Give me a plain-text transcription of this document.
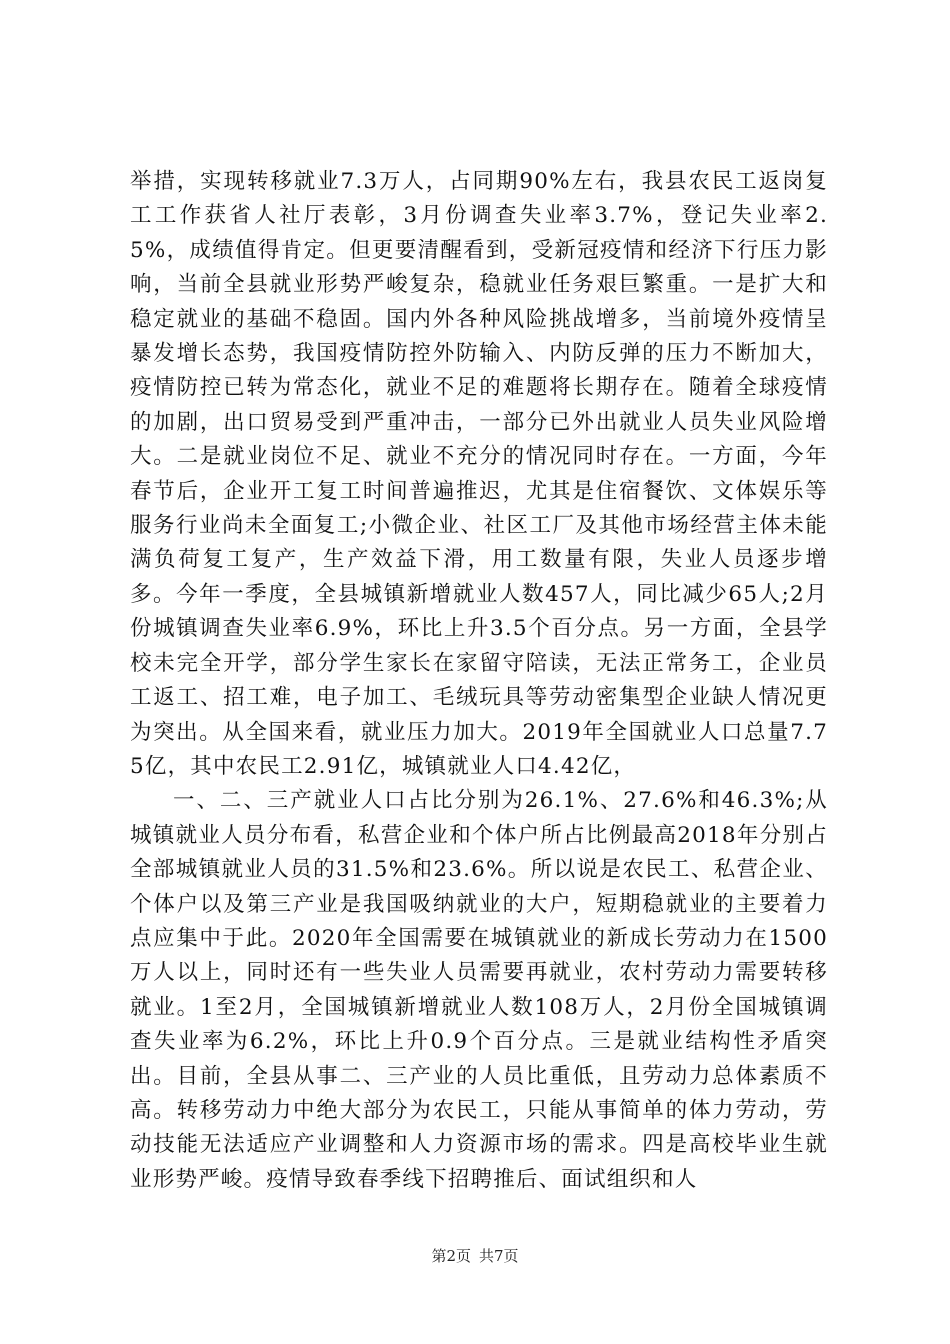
举措，实现转移就业7.3万人，占同期90%左右，我县农民工返岗复工工作获省人社厅表彰，3月份调查失业率3.7%，登记失业率2.5%，成绩值得肯定。但更要清醒看到，受新冠疫情和经济下行压力影响，当前全县就业形势严峻复杂，稳就业任务艰巨繁重。一是扩大和稳定就业的基础不稳固。国内外各种风险挑战增多，当前境外疫情呈暴发增长态势，我国疫情防控外防输入、内防反弹的压力不断加大，疫情防控已转为常态化，就业不足的难题将长期存在。随着全球疫情的加剧，出口贸易受到严重冲击，一部分已外出就业人员失业风险增大。二是就业岗位不足、就业不充分的情况同时存在。一方面，今年春节后，企业开工复工时间普遍推迟，尤其是住宿餐饮、文体娱乐等服务行业尚未全面复工;小微企业、社区工厂及其他市场经营主体未能满负荷复工复产，生产效益下滑，用工数量有限，失业人员逐步增多。今年一季度，全县城镇新增就业人数457人，同比减少65人;2月份城镇调查失业率6.9%，环比上升3.5个百分点。另一方面，全县学校未完全开学，部分学生家长在家留守陪读，无法正常务工，企业员工返工、招工难，电子加工、毛绒玩具等劳动密集型企业缺人情况更为突出。从全国来看，就业压力加大。2019年全国就业人口总量7.75亿，其中农民工2.91亿，城镇就业人口4.42亿，

一、二、三产就业人口占比分别为26.1%、27.6%和46.3%;从城镇就业人员分布看，私营企业和个体户所占比例最高2018年分别占全部城镇就业人员的31.5%和23.6%。所以说是农民工、私营企业、个体户以及第三产业是我国吸纳就业的大户，短期稳就业的主要着力点应集中于此。2020年全国需要在城镇就业的新成长劳动力在1500万人以上，同时还有一些失业人员需要再就业，农村劳动力需要转移就业。1至2月，全国城镇新增就业人数108万人，2月份全国城镇调查失业率为6.2%，环比上升0.9个百分点。三是就业结构性矛盾突出。目前，全县从事二、三产业的人员比重低，且劳动力总体素质不高。转移劳动力中绝大部分为农民工，只能从事简单的体力劳动，劳动技能无法适应产业调整和人力资源市场的需求。四是高校毕业生就业形势严峻。疫情导致春季线下招聘推后、面试组织和人

第2页 共7页
